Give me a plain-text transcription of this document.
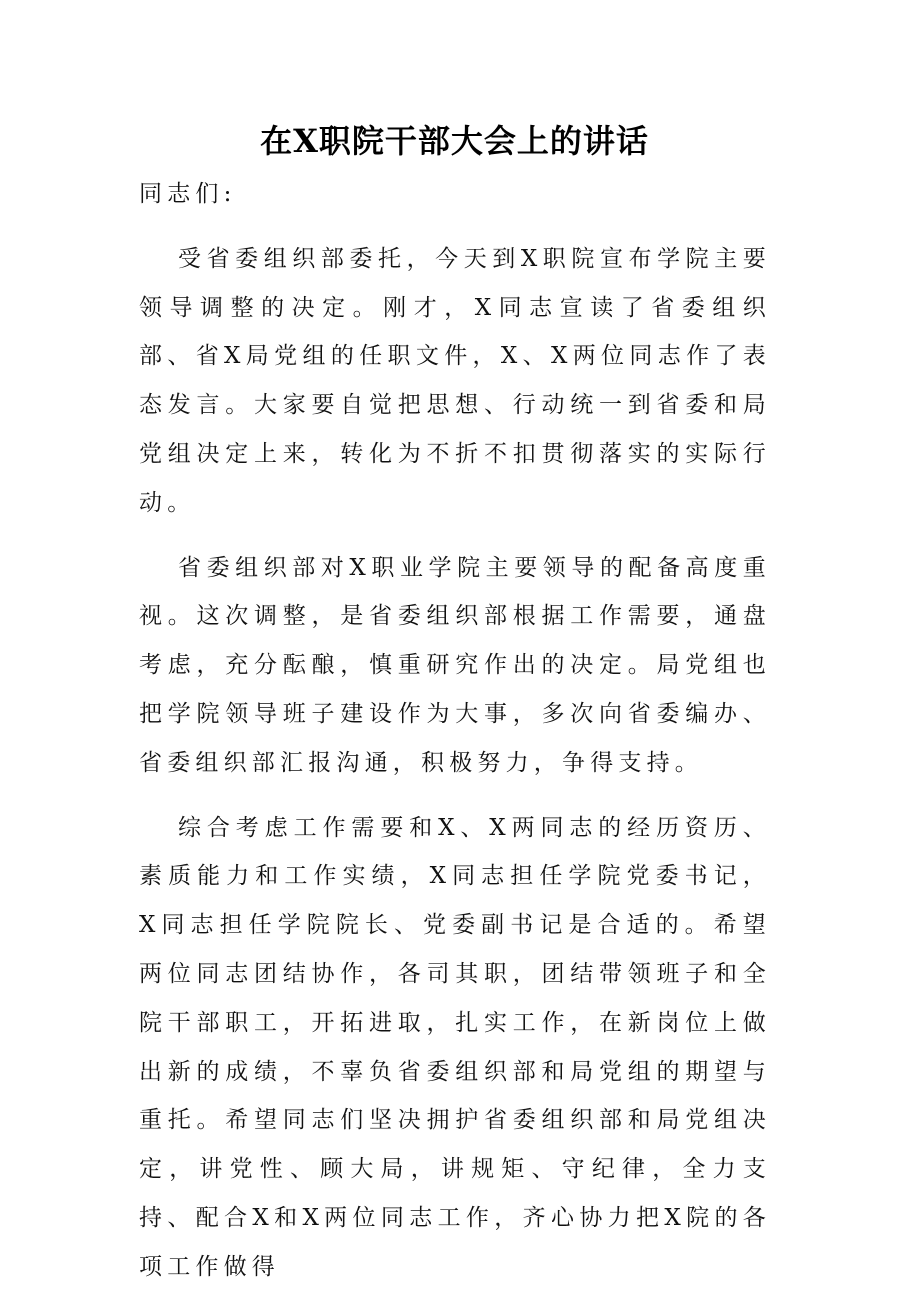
在X职院干部大会上的讲话

同志们:

受省委组织部委托，今天到X职院宣布学院主要领导调整的决定。刚才，X同志宣读了省委组织部、省X局党组的任职文件，X、X两位同志作了表态发言。大家要自觉把思想、行动统一到省委和局党组决定上来，转化为不折不扣贯彻落实的实际行动。

省委组织部对X职业学院主要领导的配备高度重视。这次调整，是省委组织部根据工作需要，通盘考虑，充分酝酿，慎重研究作出的决定。局党组也把学院领导班子建设作为大事，多次向省委编办、省委组织部汇报沟通，积极努力，争得支持。

综合考虑工作需要和X、X两同志的经历资历、素质能力和工作实绩，X同志担任学院党委书记，X同志担任学院院长、党委副书记是合适的。希望两位同志团结协作，各司其职，团结带领班子和全院干部职工，开拓进取，扎实工作，在新岗位上做出新的成绩，不辜负省委组织部和局党组的期望与重托。希望同志们坚决拥护省委组织部和局党组决定，讲党性、顾大局，讲规矩、守纪律，全力支持、配合X和X两位同志工作，齐心协力把X院的各项工作做得
